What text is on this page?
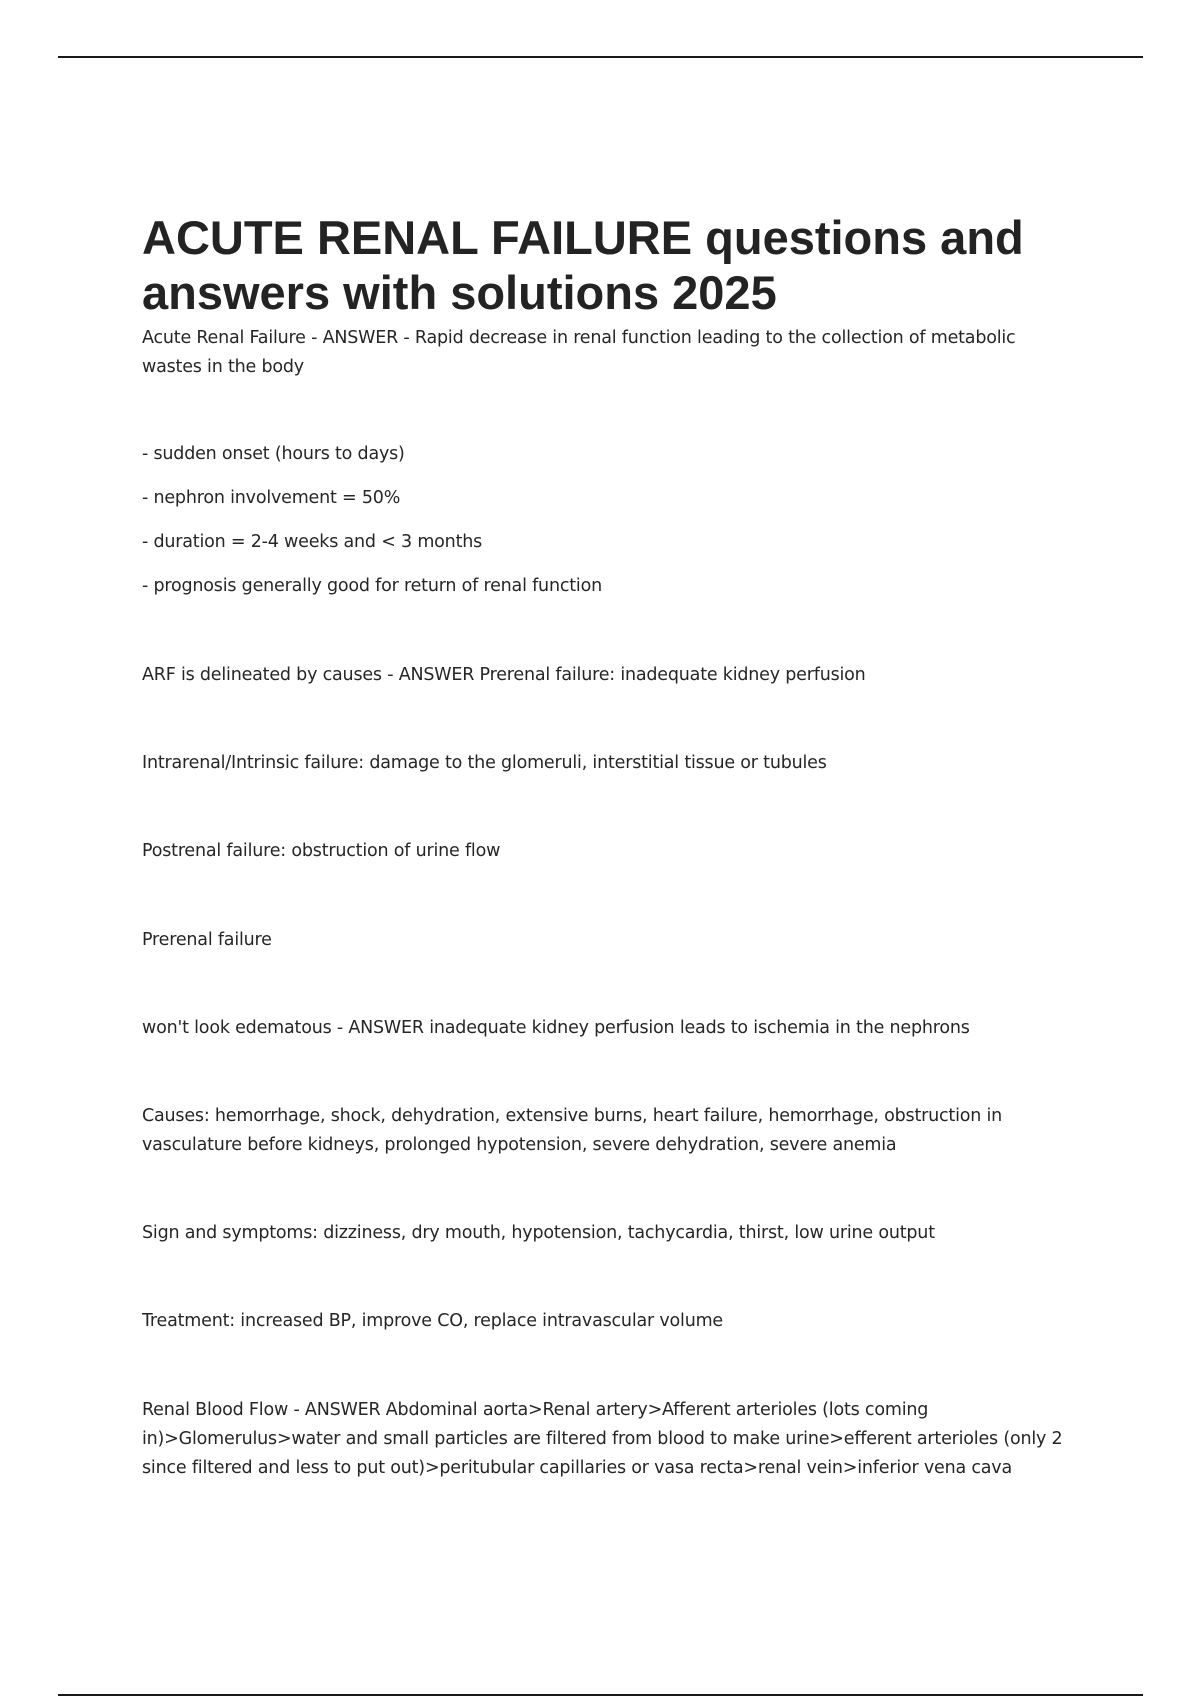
ACUTE RENAL FAILURE questions and answers with solutions 2025

Acute Renal Failure - ANSWER - Rapid decrease in renal function leading to the collection of metabolic wastes in the body

- sudden onset (hours to days)

- nephron involvement = 50%

- duration = 2-4 weeks and < 3 months

- prognosis generally good for return of renal function

ARF is delineated by causes - ANSWER Prerenal failure: inadequate kidney perfusion

Intrarenal/Intrinsic failure: damage to the glomeruli, interstitial tissue or tubules

Postrenal failure: obstruction of urine flow

Prerenal failure

won't look edematous - ANSWER inadequate kidney perfusion leads to ischemia in the nephrons

Causes: hemorrhage, shock, dehydration, extensive burns, heart failure, hemorrhage, obstruction in vasculature before kidneys, prolonged hypotension, severe dehydration, severe anemia

Sign and symptoms: dizziness, dry mouth, hypotension, tachycardia, thirst, low urine output

Treatment: increased BP, improve CO, replace intravascular volume

Renal Blood Flow - ANSWER Abdominal aorta>Renal artery>Afferent arterioles (lots coming in)>Glomerulus>water and small particles are filtered from blood to make urine>efferent arterioles (only 2 since filtered and less to put out)>peritubular capillaries or vasa recta>renal vein>inferior vena cava
